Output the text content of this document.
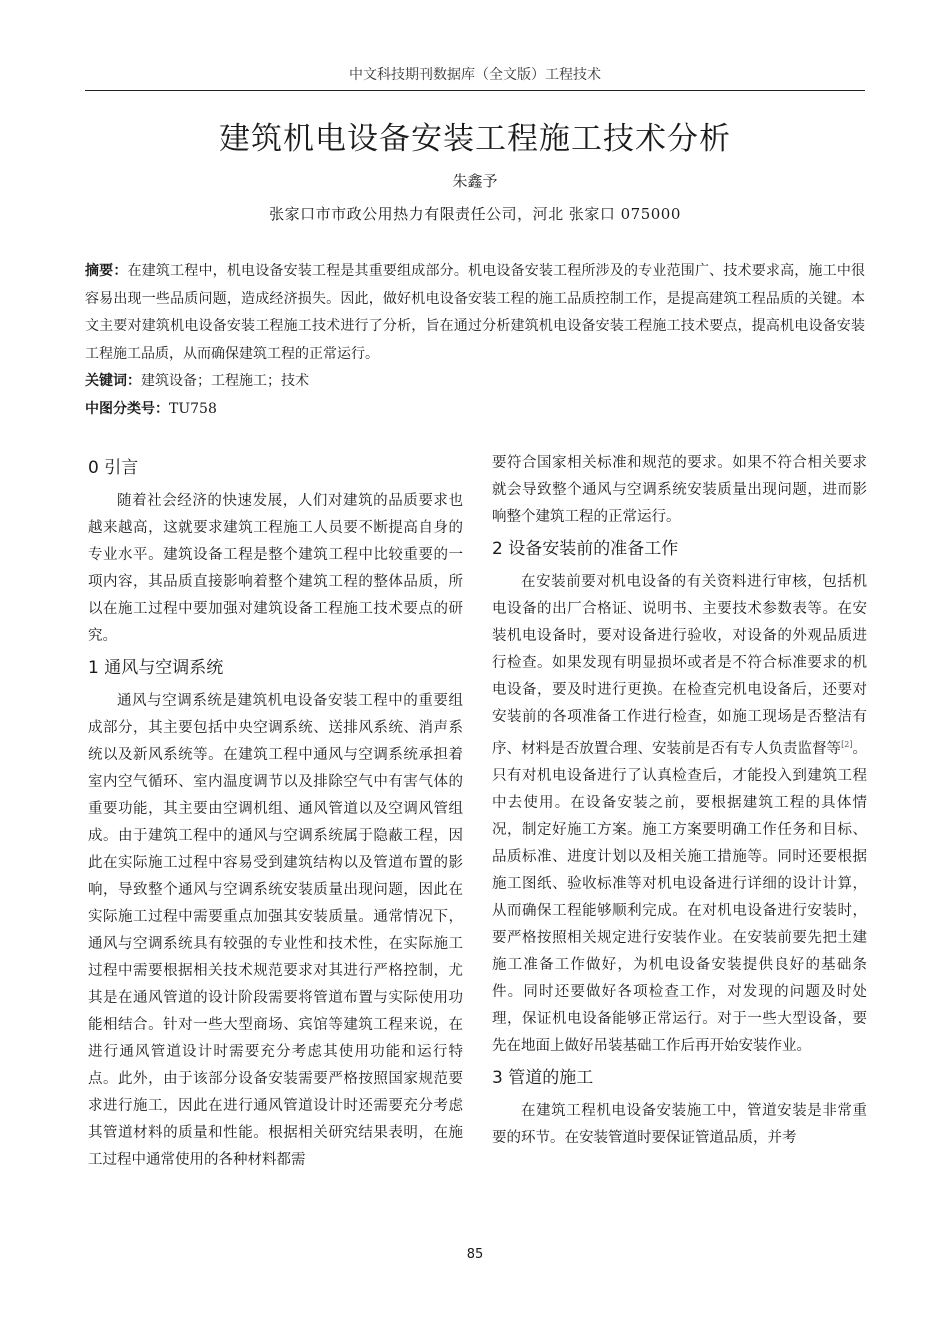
中文科技期刊数据库（全文版）工程技术
建筑机电设备安装工程施工技术分析
朱鑫予
张家口市市政公用热力有限责任公司，河北 张家口 075000

摘要：在建筑工程中，机电设备安装工程是其重要组成部分。机电设备安装工程所涉及的专业范围广、技术要求高，施工中很容易出现一些品质问题，造成经济损失。因此，做好机电设备安装工程的施工品质控制工作，是提高建筑工程品质的关键。本文主要对建筑机电设备安装工程施工技术进行了分析，旨在通过分析建筑机电设备安装工程施工技术要点，提高机电设备安装工程施工品质，从而确保建筑工程的正常运行。

关键词：建筑设备；工程施工；技术

中图分类号：TU758

0 引言

随着社会经济的快速发展，人们对建筑的品质要求也越来越高，这就要求建筑工程施工人员要不断提高自身的专业水平。建筑设备工程是整个建筑工程中比较重要的一项内容，其品质直接影响着整个建筑工程的整体品质，所以在施工过程中要加强对建筑设备工程施工技术要点的研究。

1 通风与空调系统

通风与空调系统是建筑机电设备安装工程中的重要组成部分，其主要包括中央空调系统、送排风系统、消声系统以及新风系统等。在建筑工程中通风与空调系统承担着室内空气循环、室内温度调节以及排除空气中有害气体的重要功能，其主要由空调机组、通风管道以及空调风管组成。由于建筑工程中的通风与空调系统属于隐蔽工程，因此在实际施工过程中容易受到建筑结构以及管道布置的影响，导致整个通风与空调系统安装质量出现问题，因此在实际施工过程中需要重点加强其安装质量。通常情况下，通风与空调系统具有较强的专业性和技术性，在实际施工过程中需要根据相关技术规范要求对其进行严格控制，尤其是在通风管道的设计阶段需要将管道布置与实际使用功能相结合。针对一些大型商场、宾馆等建筑工程来说，在进行通风管道设计时需要充分考虑其使用功能和运行特点。此外，由于该部分设备安装需要严格按照国家规范要求进行施工，因此在进行通风管道设计时还需要充分考虑其管道材料的质量和性能。根据相关研究结果表明，在施工过程中通常使用的各种材料都需

要符合国家相关标准和规范的要求。如果不符合相关要求就会导致整个通风与空调系统安装质量出现问题，进而影响整个建筑工程的正常运行。

2 设备安装前的准备工作

在安装前要对机电设备的有关资料进行审核，包括机电设备的出厂合格证、说明书、主要技术参数表等。在安装机电设备时，要对设备进行验收，对设备的外观品质进行检查。如果发现有明显损坏或者是不符合标准要求的机电设备，要及时进行更换。在检查完机电设备后，还要对安装前的各项准备工作进行检查，如施工现场是否整洁有序、材料是否放置合理、安装前是否有专人负责监督等[2]。只有对机电设备进行了认真检查后，才能投入到建筑工程中去使用。在设备安装之前，要根据建筑工程的具体情况，制定好施工方案。施工方案要明确工作任务和目标、品质标准、进度计划以及相关施工措施等。同时还要根据施工图纸、验收标准等对机电设备进行详细的设计计算，从而确保工程能够顺利完成。在对机电设备进行安装时，要严格按照相关规定进行安装作业。在安装前要先把土建施工准备工作做好，为机电设备安装提供良好的基础条件。同时还要做好各项检查工作，对发现的问题及时处理，保证机电设备能够正常运行。对于一些大型设备，要先在地面上做好吊装基础工作后再开始安装作业。

3 管道的施工

在建筑工程机电设备安装施工中，管道安装是非常重要的环节。在安装管道时要保证管道品质，并考

85
